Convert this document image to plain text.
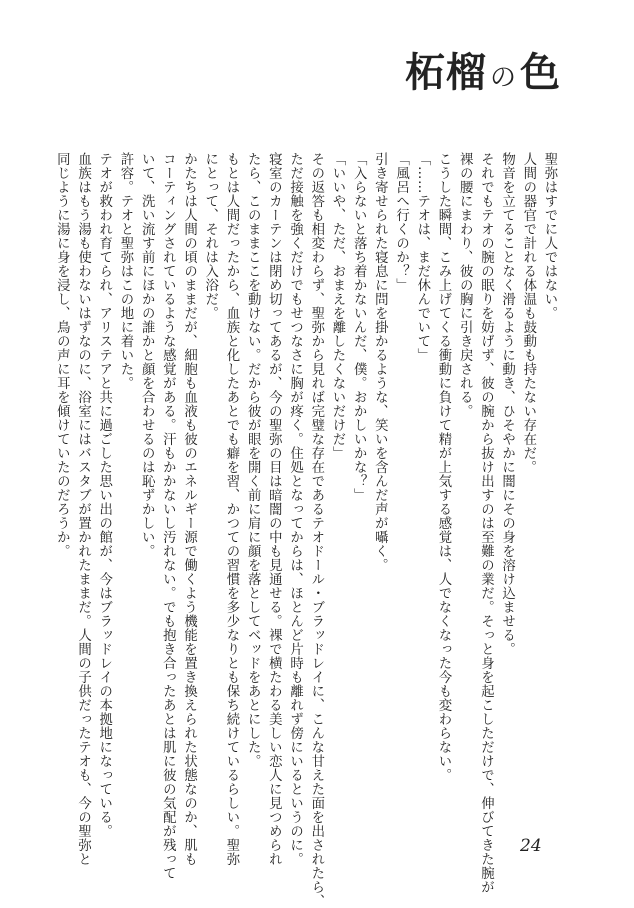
柘榴 の色

聖弥はすでに人ではない。

人間の器官で計れる体温も鼓動も持たない存在だ。

物音を立てることなく滑るように動き、ひそやかに闇にその身を溶け込ませる。

それでもテオの腕の眠りを妨げず、彼の腕から抜け出すのは至難の業だ。そっと身を起こしただけで、伸びてきた腕が

裸の腰にまわり、彼の胸に引き戻される。

こうした瞬間、こみ上げてくる衝動に負けて精が上気する感覚は、人でなくなった今も変わらない。

「……テオは、まだ休んでいて」

「風呂へ行くのか？」

引き寄せられた寝息に問を掛かるような、笑いを含んだ声が囁く。

「入らないと落ち着かないんだ、僕。おかしいかな？」

「いいや、ただ、おまえを離したくないだけだ」

その返答も相変わらず、聖弥から見れば完璧な存在であるテオドール・ブラッドレイに、こんな甘えた面を出されたら、

ただ接触を強くだけでもせつなさに胸が疼く。住処となってからは、ほとんど片時も離れず傍にいるというのに。

寝室のカーテンは閉め切ってあるが、今の聖弥の目は暗闇の中も見通せる。裸で横たわる美しい恋人に見つめられ

たら、このままここを動けない。だから彼が眼を開く前に肩に顔を落としてベッドをあとにした。

もとは人間だったから、血族と化したあとでも癖を習、かつての習慣を多少なりとも保ち続けているらしい。聖弥

にとって、それは入浴だ。

かたちは人間の頃のままだが、細胞も血液も彼のエネルギー源で働くよう機能を置き換えられた状態なのか、肌も

コーティングされているような感覚がある。汗もかかないし汚れない。でも抱き合ったあとは肌に彼の気配が残って

いて、洗い流す前にほかの誰かと顔を合わせるのは恥ずかしい。

許容。テオと聖弥はこの地に着いた。

テオが救われ育てられ、アリステアと共に過ごした思い出の館が、今はブラッドレイの本拠地になっている。

血族はもう湯も使わないはずなのに、浴室にはバスタブが置かれたままだ。人間の子供だったテオも、今の聖弥と

同じように湯に身を浸し、鳥の声に耳を傾けていたのだろうか。

24
